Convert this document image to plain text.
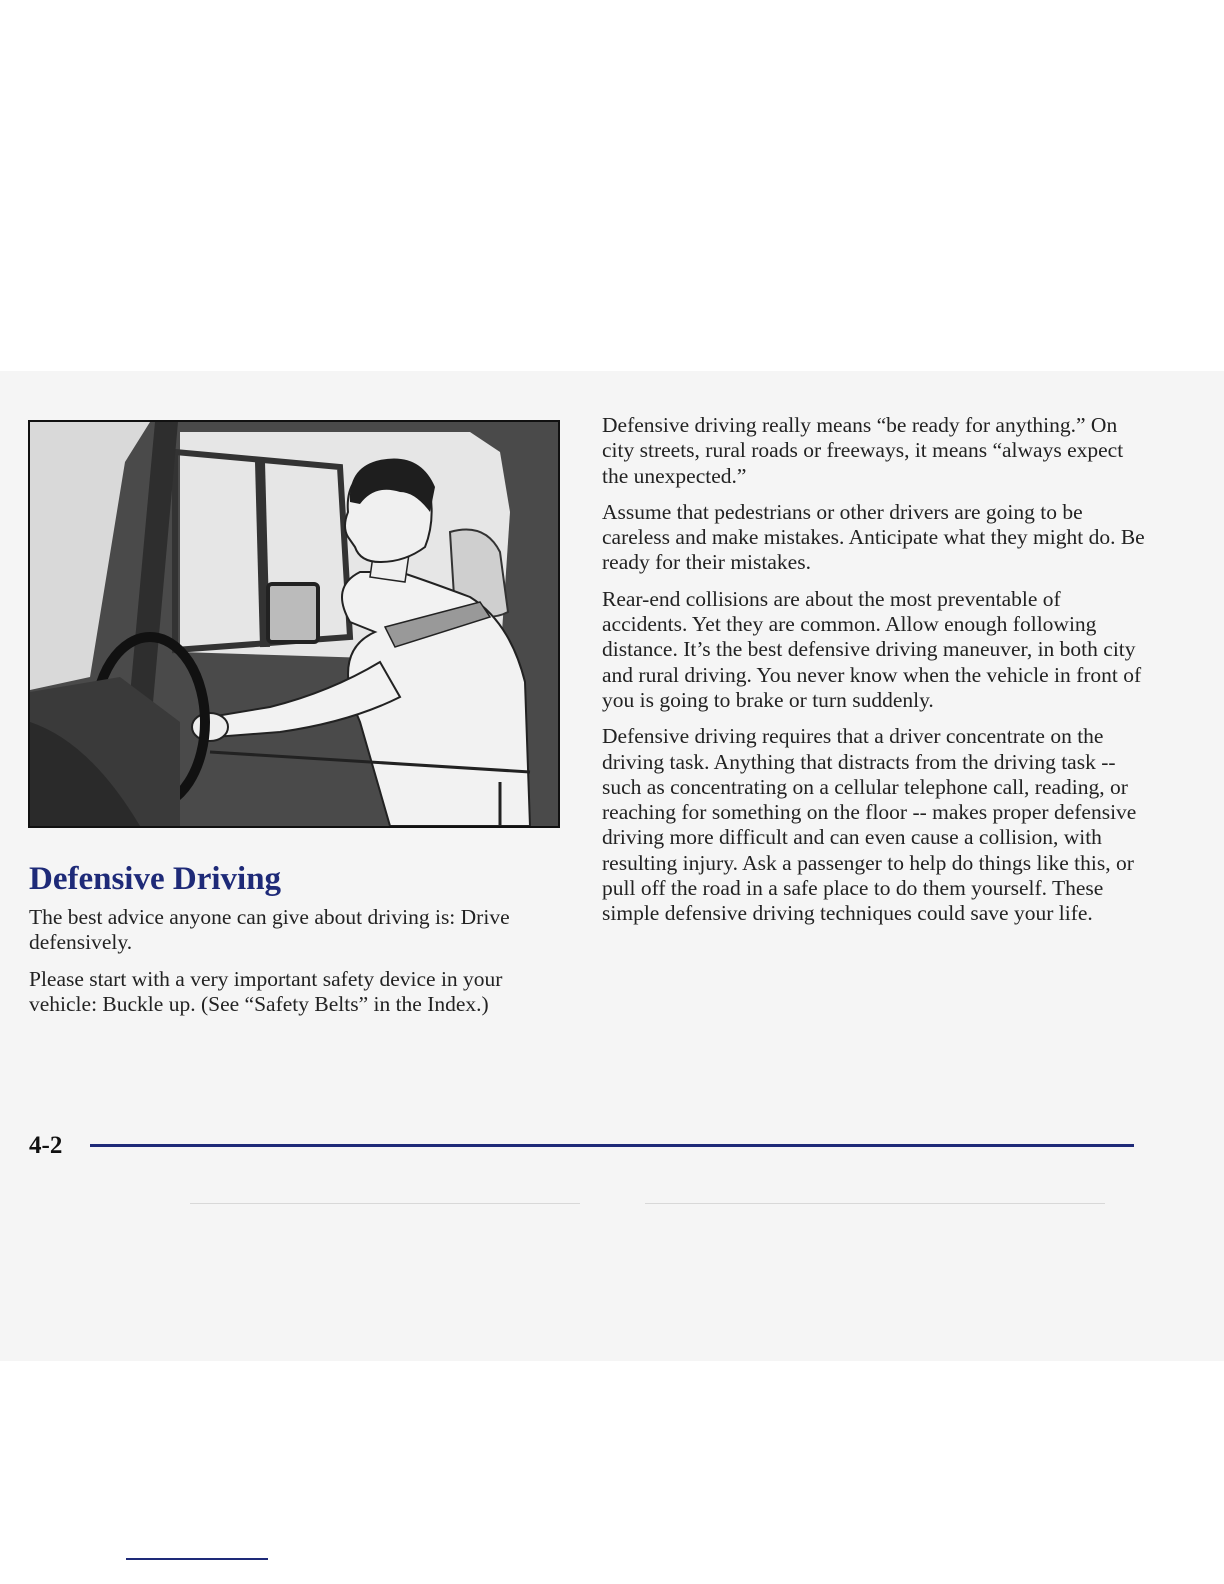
Defensive Driving

The best advice anyone can give about driving is: Drive defensively.

Please start with a very important safety device in your vehicle: Buckle up. (See “Safety Belts” in the Index.)

Defensive driving really means “be ready for anything.” On city streets, rural roads or freeways, it means “always expect the unexpected.”

Assume that pedestrians or other drivers are going to be careless and make mistakes. Anticipate what they might do. Be ready for their mistakes.

Rear-end collisions are about the most preventable of accidents. Yet they are common. Allow enough following distance. It’s the best defensive driving maneuver, in both city and rural driving. You never know when the vehicle in front of you is going to brake or turn suddenly.

Defensive driving requires that a driver concentrate on the driving task. Anything that distracts from the driving task -- such as concentrating on a cellular telephone call, reading, or reaching for something on the floor -- makes proper defensive driving more difficult and can even cause a collision, with resulting injury. Ask a passenger to help do things like this, or pull off the road in a safe place to do them yourself. These simple defensive driving techniques could save your life.

4-2
